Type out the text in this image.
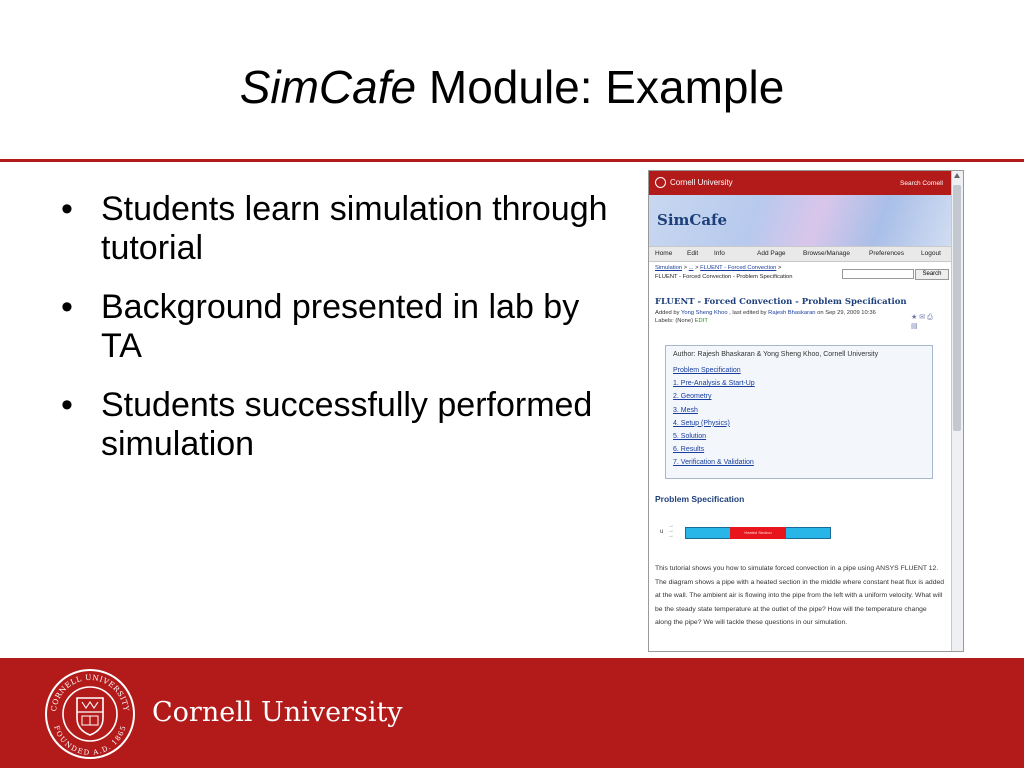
SimCafe Module: Example
• Students learn simulation through tutorial
• Background presented in lab by TA
• Students successfully performed simulation
Cornell University	Search Cornell
SimCafe
Home Edit Info	Add Page	Browse/Manage	Preferences	Logout
Simulation > ... > FLUENT - Forced Convection >
FLUENT - Forced Convection - Problem Specification	Search
FLUENT - Forced Convection - Problem Specification
Added by Yong Sheng Khoo , last edited by Rajesh Bhaskaran on Sep 29, 2009 10:36
Labels: (None) EDIT	★ ✉ ⎙
▤
Author: Rajesh Bhaskaran & Yong Sheng Khoo, Cornell University
Problem Specification
1. Pre-Analysis & Start-Up
2. Geometry
3. Mesh
4. Setup (Physics)
5. Solution
6. Results
7. Verification & Validation
Problem Specification
u
→
→
→
Heated Section
This tutorial shows you how to simulate forced convection in a pipe using ANSYS FLUENT 12. The diagram shows a pipe with a heated section in the middle where constant heat flux is added at the wall. The ambient air is flowing into the pipe from the left with a uniform velocity. What will be the steady state temperature at the outlet of the pipe? How will the temperature change along the pipe? We will tackle these questions in our simulation.
CORNELL UNIVERSITY
FOUNDED A.D. 1865
Cornell University
